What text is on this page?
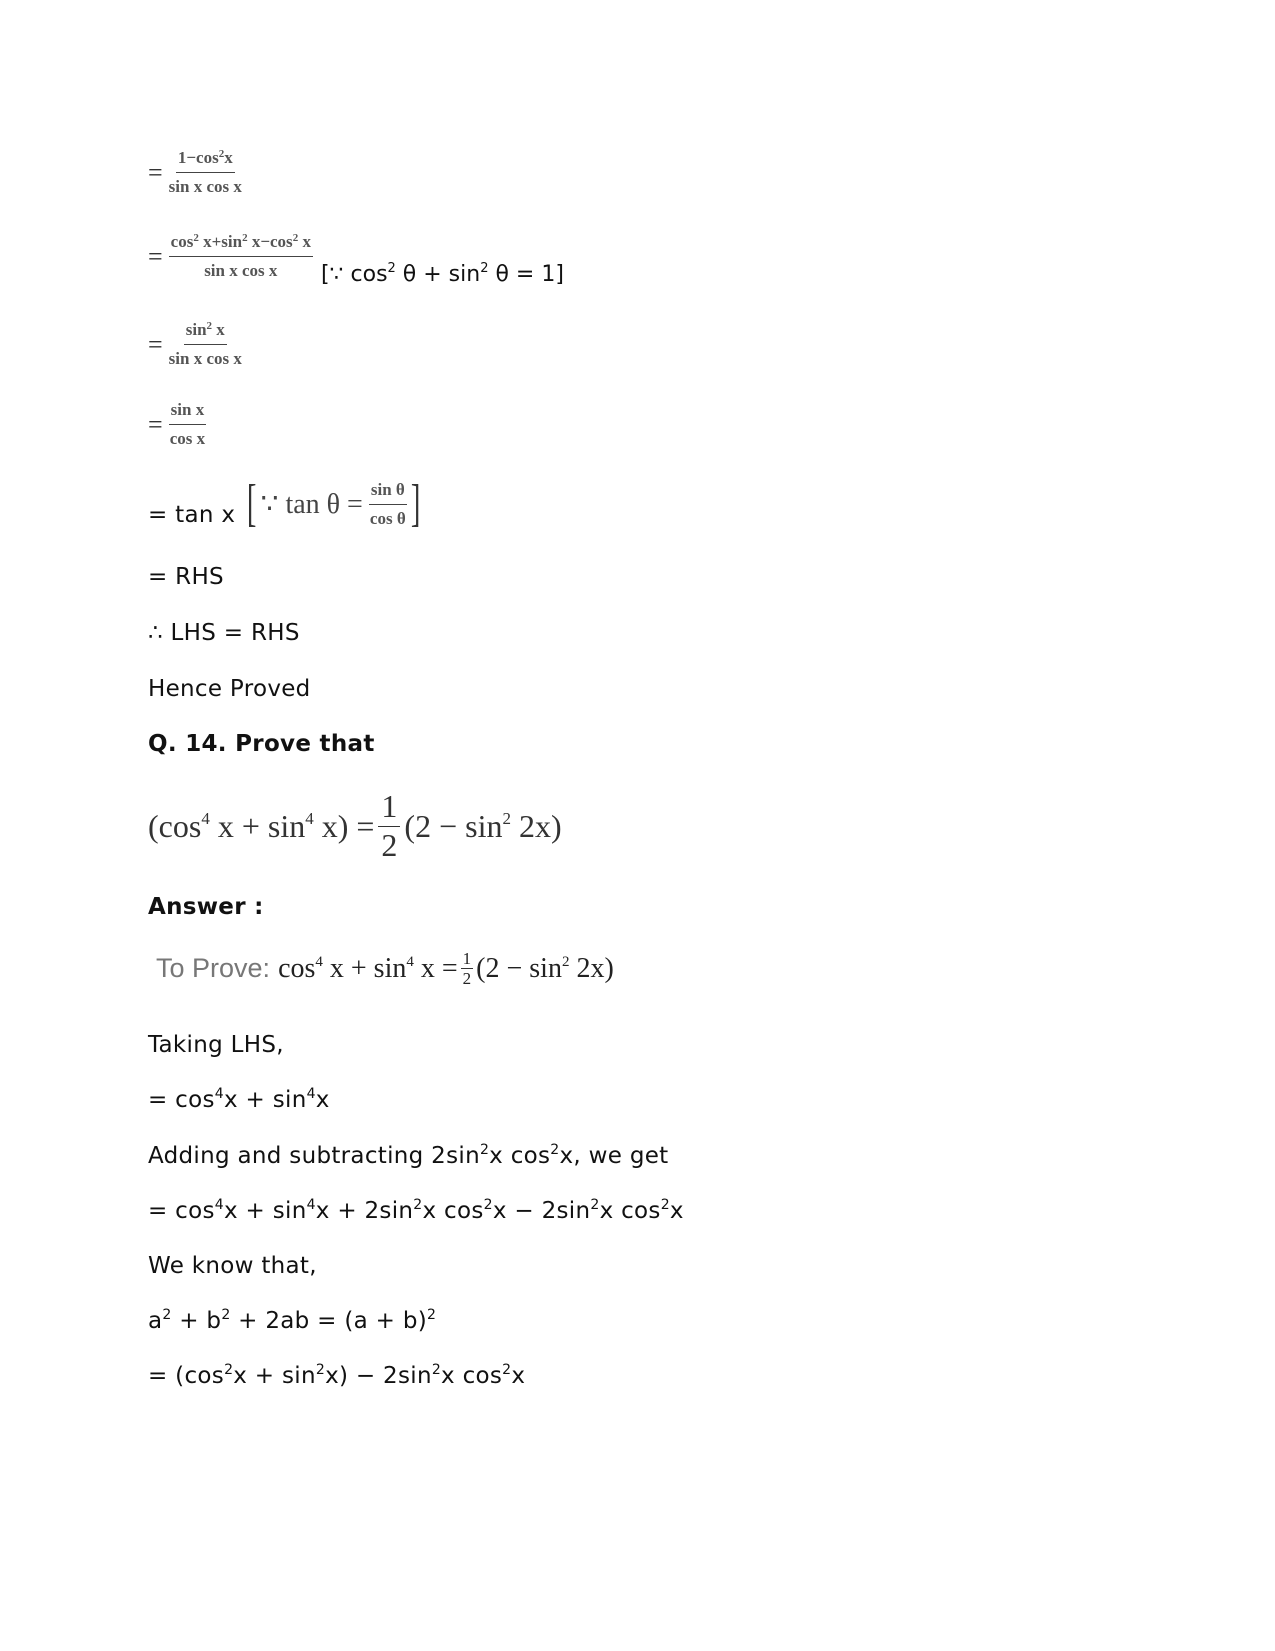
= $\frac{1-\cos^2x}{\text{sin x cos x}}$
= $\frac{\cos^2 x+\sin^2 x-\cos^2 x}{\text{sin x cos x}}$ [∵ $\cos^2 \theta + \sin^2 \theta = 1$]
= $\frac{\sin^2 x}{\text{sin x cos x}}$
= $\frac{\text{sin x}}{\text{cos x}}$
= tan x [ ∵ $\tan \theta = \frac{\text{sin θ}}{\text{cos θ}}$ ]
= RHS
∴ LHS = RHS
Hence Proved
Q. 14. Prove that
($\cos^4$ $x + \sin^4 x) = \frac{1}{2} (2 - \sin^2 2x)$
Answer :
To Prove: $\cos^4 x + \sin^4 x = \frac{1}{2} (2 - \sin^2 2x)$
Taking LHS,
= $\cos^4x + \sin^4x$
Adding and subtracting $2\sin^2x$ $\cos^2x$, we get
= $\cos^4x + \sin^4x + 2\sin^2x$ $\cos^2x - 2\sin^2x$ $\cos^2x$
We know that,
$a^2 + b^2 + 2ab = (a + b)^2$
= $(\cos^2x + \sin^2x) - 2\sin^2x$ $\cos^2x$
